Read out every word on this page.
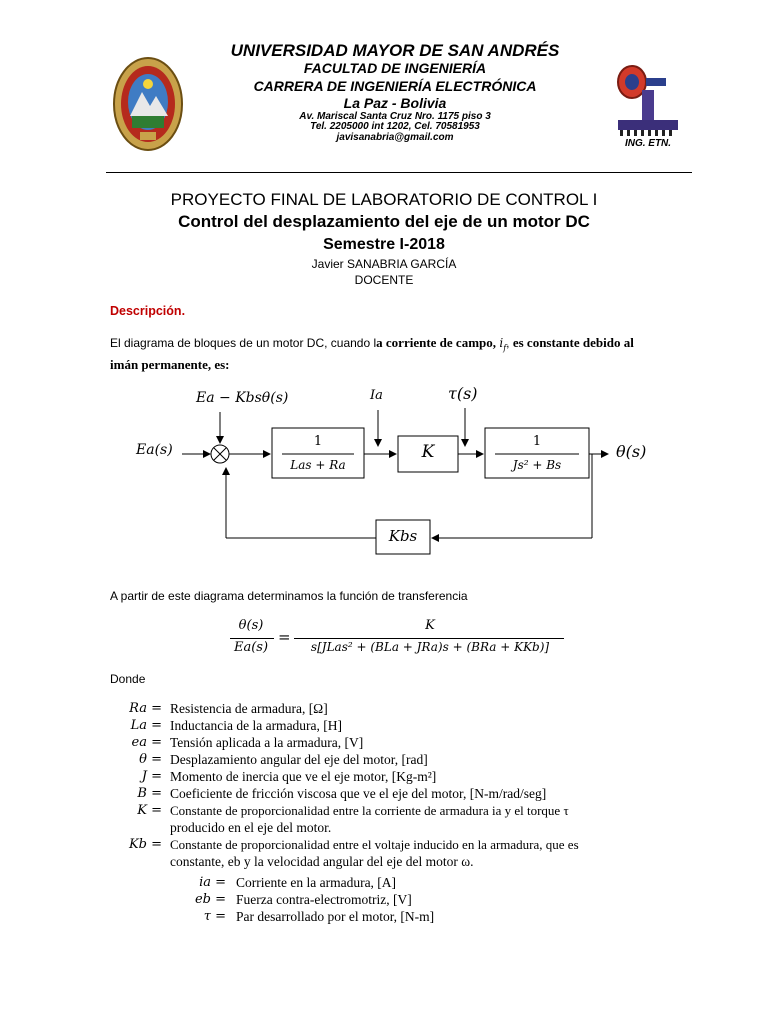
UNIVERSIDAD MAYOR DE SAN ANDRÉS
FACULTAD DE INGENIERÍA
CARRERA DE INGENIERÍA ELECTRÓNICA
La Paz - Bolivia
Av. Mariscal Santa Cruz Nro. 1175 piso 3
Tel. 2205000 int 1202, Cel. 70581953
javisanabria@gmail.com
ING. ETN.
PROYECTO FINAL DE LABORATORIO DE CONTROL I
Control del desplazamiento del eje de un motor DC
Semestre I-2018
Javier SANABRIA GARCÍA
DOCENTE
Descripción.
El diagrama de bloques de un motor DC, cuando la corriente de campo, $i_f$, es constante debido al
imán permanente, es:
Ea(s)
Ea − Kbsθ(s)	Ia	τ(s)
1
Las + Ra
K
1
Js² + Bs
θ(s)
Kbs
A partir de este diagrama determinamos la función de transferencia
θ(s)
Ea(s)
=
K
s[JLas² + (BLa + JRa)s + (BRa + KKb)]
Donde
Ra = Resistencia de armadura, [Ω]
La = Inductancia de la armadura, [H]
ea = Tensión aplicada a la armadura, [V]
θ = Desplazamiento angular del eje del motor, [rad]
J = Momento de inercia que ve el eje motor, [Kg-m²]
B = Coeficiente de fricción viscosa que ve el eje del motor, [N-m/rad/seg]
K = Constante de proporcionalidad entre la corriente de armadura ia y el torque τ
producido en el eje del motor.
Kb = Constante de proporcionalidad entre el voltaje inducido en la armadura, que es
constante, eb y la velocidad angular del eje del motor ω.
ia = Corriente en la armadura, [A]
eb = Fuerza contra-electromotriz, [V]
τ = Par desarrollado por el motor, [N-m]
